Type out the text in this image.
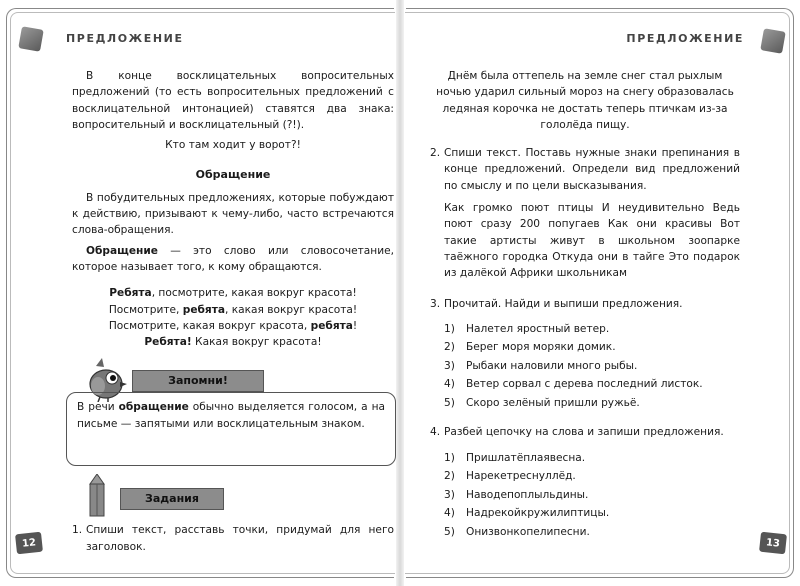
ПРЕДЛОЖЕНИЕ	ПРЕДЛОЖЕНИЕ
12	13

В конце восклицательных вопросительных предложений (то есть вопросительных предложений с восклицательной интонацией) ставятся два знака: вопросительный и восклицательный (?!).

Кто там ходит у ворот?!

Обращение

В побудительных предложениях, которые побуждают к действию, призывают к чему-либо, часто встречаются слова-обращения.

Обращение — это слово или словосочетание, которое называет того, к кому обращаются.

Ребята, посмотрите, какая вокруг красота!
Посмотрите, ребята, какая вокруг красота!
Посмотрите, какая вокруг красота, ребята!
Ребята! Какая вокруг красота!
Запомни!

В речи обращение обычно выделяется голосом, а на письме — запятыми или восклицательным знаком.

Задания
1. Спиши текст, расставь точки, придумай для него заголовок.

Днём была оттепель на земле снег стал рыхлым ночью ударил сильный мороз на снегу образовалась ледяная корочка не достать теперь птичкам из-за гололёда пищу.

2. Спиши текст. Поставь нужные знаки препинания в конце предложений. Определи вид предложений по смыслу и по цели высказывания.

Как громко поют птицы И неудивительно Ведь поют сразу 200 попугаев Как они красивы Вот такие артисты живут в школьном зоопарке таёжного городка Откуда они в тайге Это подарок из далёкой Африки школьникам

3. Прочитай. Найди и выпиши предложения.
1)	Налетел яростный ветер.
2)	Берег моря моряки домик.
3)	Рыбаки наловили много рыбы.
4)	Ветер сорвал с дерева последний листок.
5)	Скоро зелёный пришли ружьё.
4. Разбей цепочку на слова и запиши предложения.
1)	Пришлатёплаявесна.
2)	Нарекетреснуллёд.
3)	Наводепоплыльдины.
4)	Надрекойкружилиптицы.
5)	Онизвонкопелипесни.
